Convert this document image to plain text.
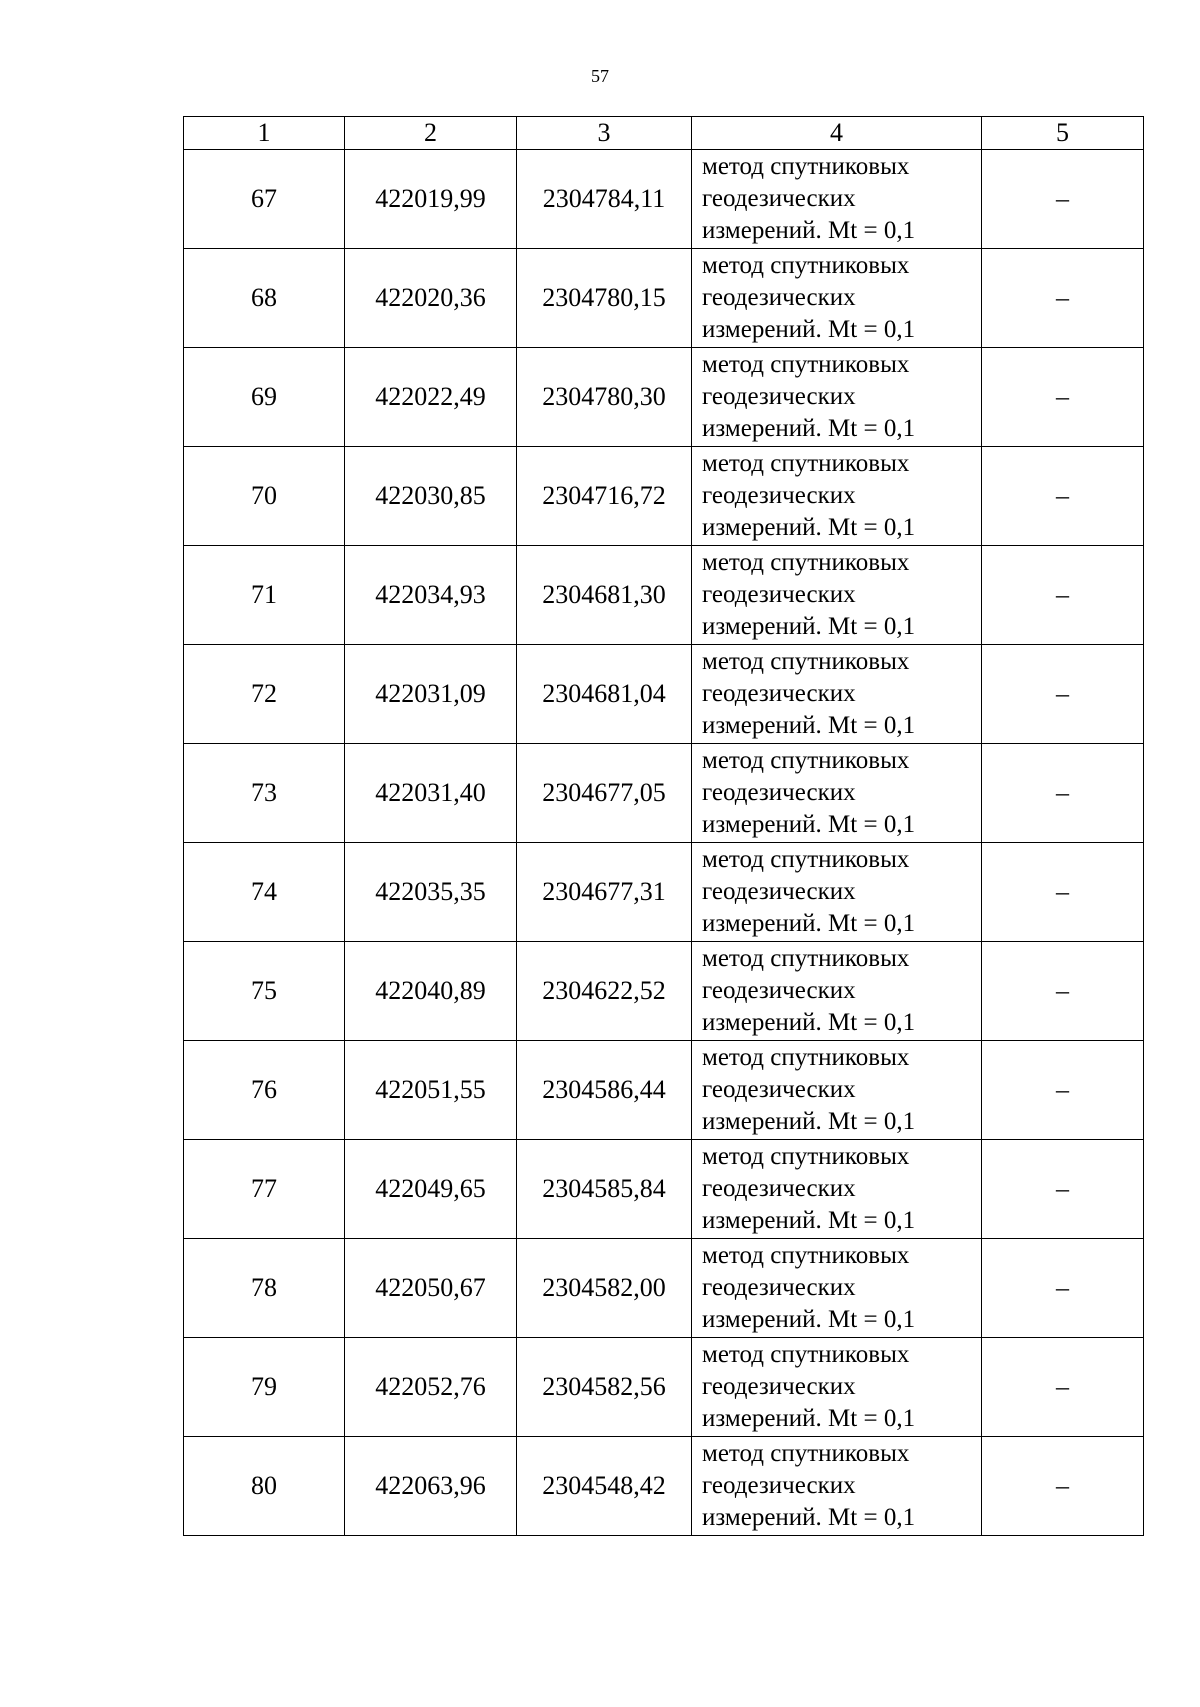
57
1	2	3	4	5
67	422019,99	2304784,11	метод спутниковых
геодезических
измерений. Mt = 0,1	–
68	422020,36	2304780,15	метод спутниковых
геодезических
измерений. Mt = 0,1	–
69	422022,49	2304780,30	метод спутниковых
геодезических
измерений. Mt = 0,1	–
70	422030,85	2304716,72	метод спутниковых
геодезических
измерений. Mt = 0,1	–
71	422034,93	2304681,30	метод спутниковых
геодезических
измерений. Mt = 0,1	–
72	422031,09	2304681,04	метод спутниковых
геодезических
измерений. Mt = 0,1	–
73	422031,40	2304677,05	метод спутниковых
геодезических
измерений. Mt = 0,1	–
74	422035,35	2304677,31	метод спутниковых
геодезических
измерений. Mt = 0,1	–
75	422040,89	2304622,52	метод спутниковых
геодезических
измерений. Mt = 0,1	–
76	422051,55	2304586,44	метод спутниковых
геодезических
измерений. Mt = 0,1	–
77	422049,65	2304585,84	метод спутниковых
геодезических
измерений. Mt = 0,1	–
78	422050,67	2304582,00	метод спутниковых
геодезических
измерений. Mt = 0,1	–
79	422052,76	2304582,56	метод спутниковых
геодезических
измерений. Mt = 0,1	–
80	422063,96	2304548,42	метод спутниковых
геодезических
измерений. Mt = 0,1	–
